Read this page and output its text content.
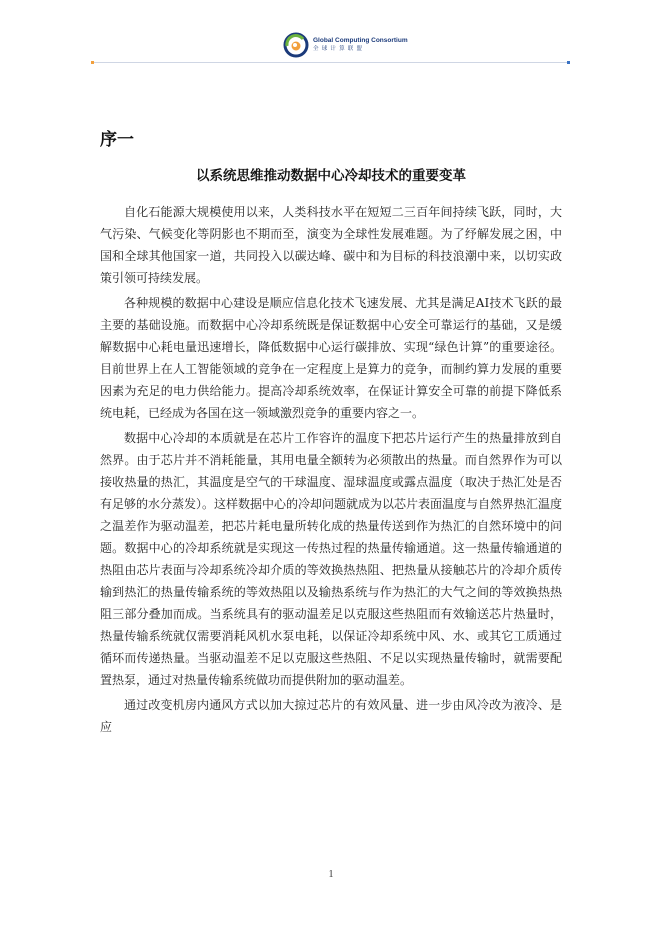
Global Computing Consortium
全球计算联盟
序一
以系统思维推动数据中心冷却技术的重要变革

自化石能源大规模使用以来，人类科技水平在短短二三百年间持续飞跃，同时，大气污染、气候变化等阴影也不期而至，演变为全球性发展难题。为了纾解发展之困，中国和全球其他国家一道，共同投入以碳达峰、碳中和为目标的科技浪潮中来，以切实政策引领可持续发展。

各种规模的数据中心建设是顺应信息化技术飞速发展、尤其是满足AI技术飞跃的最主要的基础设施。而数据中心冷却系统既是保证数据中心安全可靠运行的基础，又是缓解数据中心耗电量迅速增长，降低数据中心运行碳排放、实现“绿色计算”的重要途径。目前世界上在人工智能领域的竞争在一定程度上是算力的竞争，而制约算力发展的重要因素为充足的电力供给能力。提高冷却系统效率，在保证计算安全可靠的前提下降低系统电耗，已经成为各国在这一领域激烈竞争的重要内容之一。

数据中心冷却的本质就是在芯片工作容许的温度下把芯片运行产生的热量排放到自然界。由于芯片并不消耗能量，其用电量全额转为必须散出的热量。而自然界作为可以接收热量的热汇，其温度是空气的干球温度、湿球温度或露点温度（取决于热汇处是否有足够的水分蒸发）。这样数据中心的冷却问题就成为以芯片表面温度与自然界热汇温度之温差作为驱动温差，把芯片耗电量所转化成的热量传送到作为热汇的自然环境中的问题。数据中心的冷却系统就是实现这一传热过程的热量传输通道。这一热量传输通道的热阻由芯片表面与冷却系统冷却介质的等效换热热阻、把热量从接触芯片的冷却介质传输到热汇的热量传输系统的等效热阻以及输热系统与作为热汇的大气之间的等效换热热阻三部分叠加而成。当系统具有的驱动温差足以克服这些热阻而有效输送芯片热量时，热量传输系统就仅需要消耗风机水泵电耗，以保证冷却系统中风、水、或其它工质通过循环而传递热量。当驱动温差不足以克服这些热阻、不足以实现热量传输时，就需要配置热泵，通过对热量传输系统做功而提供附加的驱动温差。

通过改变机房内通风方式以加大掠过芯片的有效风量、进一步由风冷改为液冷、是应

1
